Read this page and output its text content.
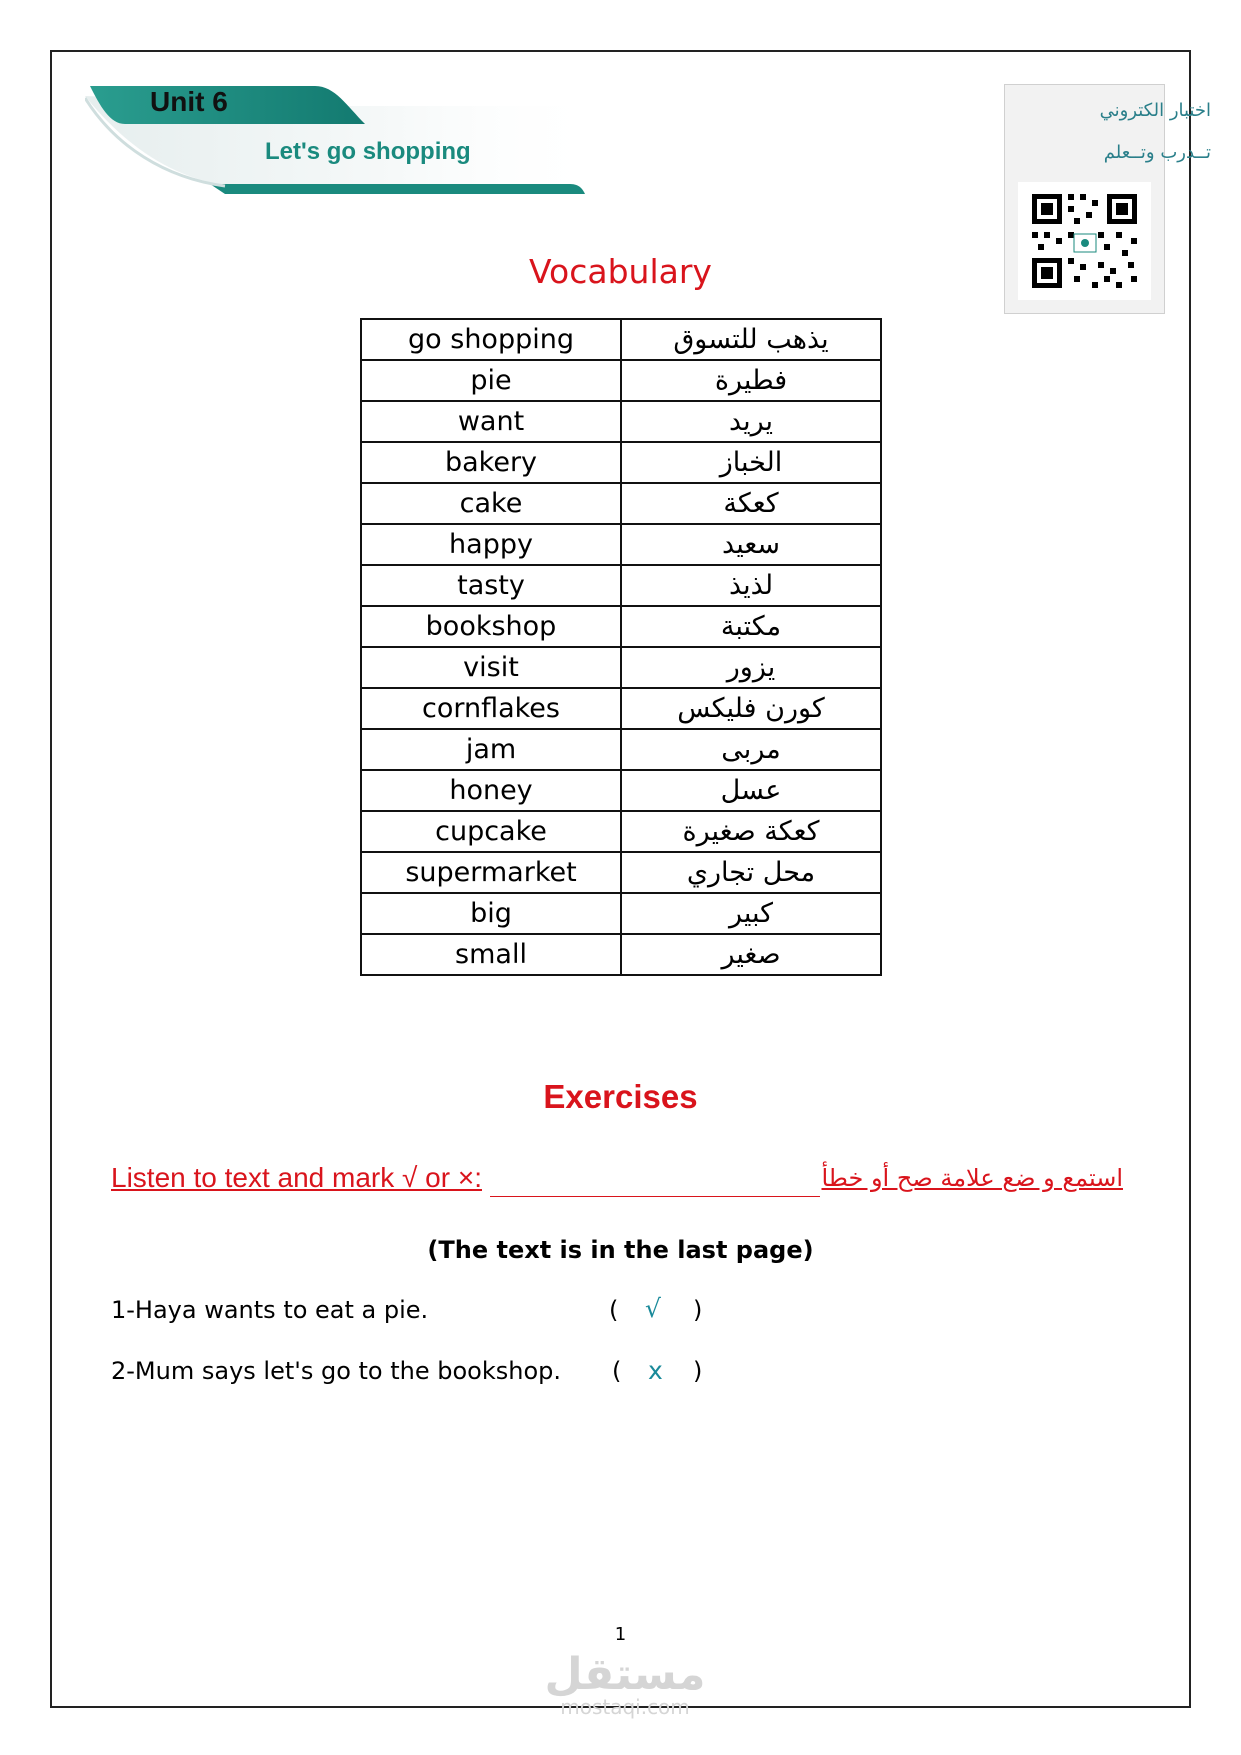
Unit 6
Let's go shopping
اختبار الكتروني
تــدرب وتــعلم
Vocabulary
go shopping	يذهب للتسوق
pie	فطيرة
want	يريد
bakery	الخباز
cake	كعكة
happy	سعيد
tasty	لذيذ
bookshop	مكتبة
visit	يزور
cornflakes	كورن فليكس
jam	مربى
honey	عسل
cupcake	كعكة صغيرة
supermarket	محل تجاري
big	كبير
small	صغير
Exercises
Listen to text and mark √ or ×:	استمع و ضع علامة صح أو خطأ
(The text is in the last page)
1-Haya wants to eat a pie.	( √ )
2-Mum says let's go to the bookshop. ( x )
1
مستقل
mostaqi.com
